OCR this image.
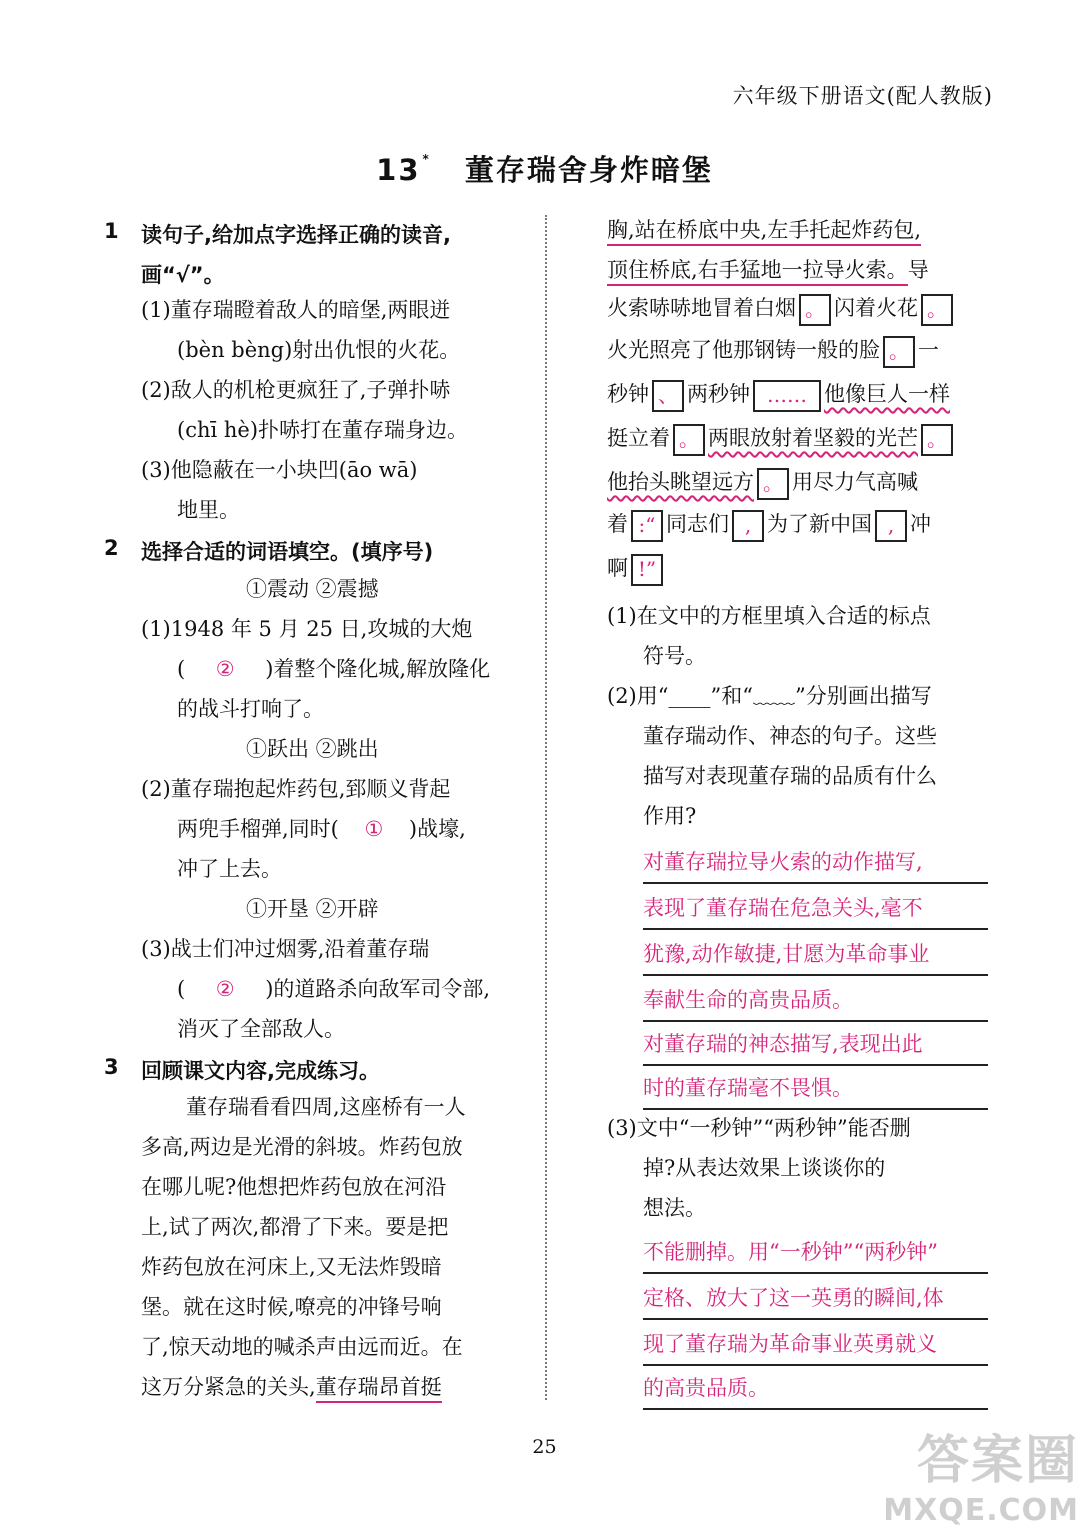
六年级下册语文(配人教版)
13 * 董存瑞舍身炸暗堡
1 读句子,给加点字选择正确的读音,
画“√”。
(1)董存瑞瞪着敌人的暗堡,两眼迸
(bèn bèng)射出仇恨的火花。
(2)敌人的机枪更疯狂了,子弹扑哧
(chī hè)扑哧打在董存瑞身边。
(3)他隐蔽在一小块凹(āo wā)
地里。
2 选择合适的词语填空。(填序号)
①震动 ②震撼
(1)1948 年 5 月 25 日,攻城的大炮
( ② )着整个隆化城,解放隆化
的战斗打响了。
①跃出 ②跳出
(2)董存瑞抱起炸药包,郅顺义背起
两兜手榴弹,同时( ① )战壕,
冲了上去。
①开垦 ②开辟
(3)战士们冲过烟雾,沿着董存瑞
( ② )的道路杀向敌军司令部,
消灭了全部敌人。
3 回顾课文内容,完成练习。
董存瑞看看四周,这座桥有一人
多高,两边是光滑的斜坡。炸药包放
在哪儿呢?他想把炸药包放在河沿
上,试了两次,都滑了下来。要是把
炸药包放在河床上,又无法炸毁暗
堡。就在这时候,嘹亮的冲锋号响
了,惊天动地的喊杀声由远而近。在
这万分紧急的关头,董存瑞昂首挺
胸,站在桥底中央,左手托起炸药包,
顶住桥底,右手猛地一拉导火索。导
火索哧哧地冒着白烟 。 闪着火花 。
火光照亮了他那钢铸一般的脸 。 一
秒钟 、 两秒钟 …… 他像巨人一样
挺立着 。 两眼放射着坚毅的光芒 。
他抬头眺望远方 。 用尽力气高喊
着 :“ 同志们 , 为了新中国 , 冲
啊 !”
(1)在文中的方框里填入合适的标点
符号。
(2)用“____”和“﹏﹏”分别画出描写
董存瑞动作、神态的句子。这些
描写对表现董存瑞的品质有什么
作用?
对董存瑞拉导火索的动作描写,
表现了董存瑞在危急关头,毫不
犹豫,动作敏捷,甘愿为革命事业
奉献生命的高贵品质。
对董存瑞的神态描写,表现出此
时的董存瑞毫不畏惧。
(3)文中“一秒钟”“两秒钟”能否删
掉?从表达效果上谈谈你的
想法。
不能删掉。用“一秒钟”“两秒钟”
定格、放大了这一英勇的瞬间,体
现了董存瑞为革命事业英勇就义
的高贵品质。
25	答案圈
MXQE.COM
